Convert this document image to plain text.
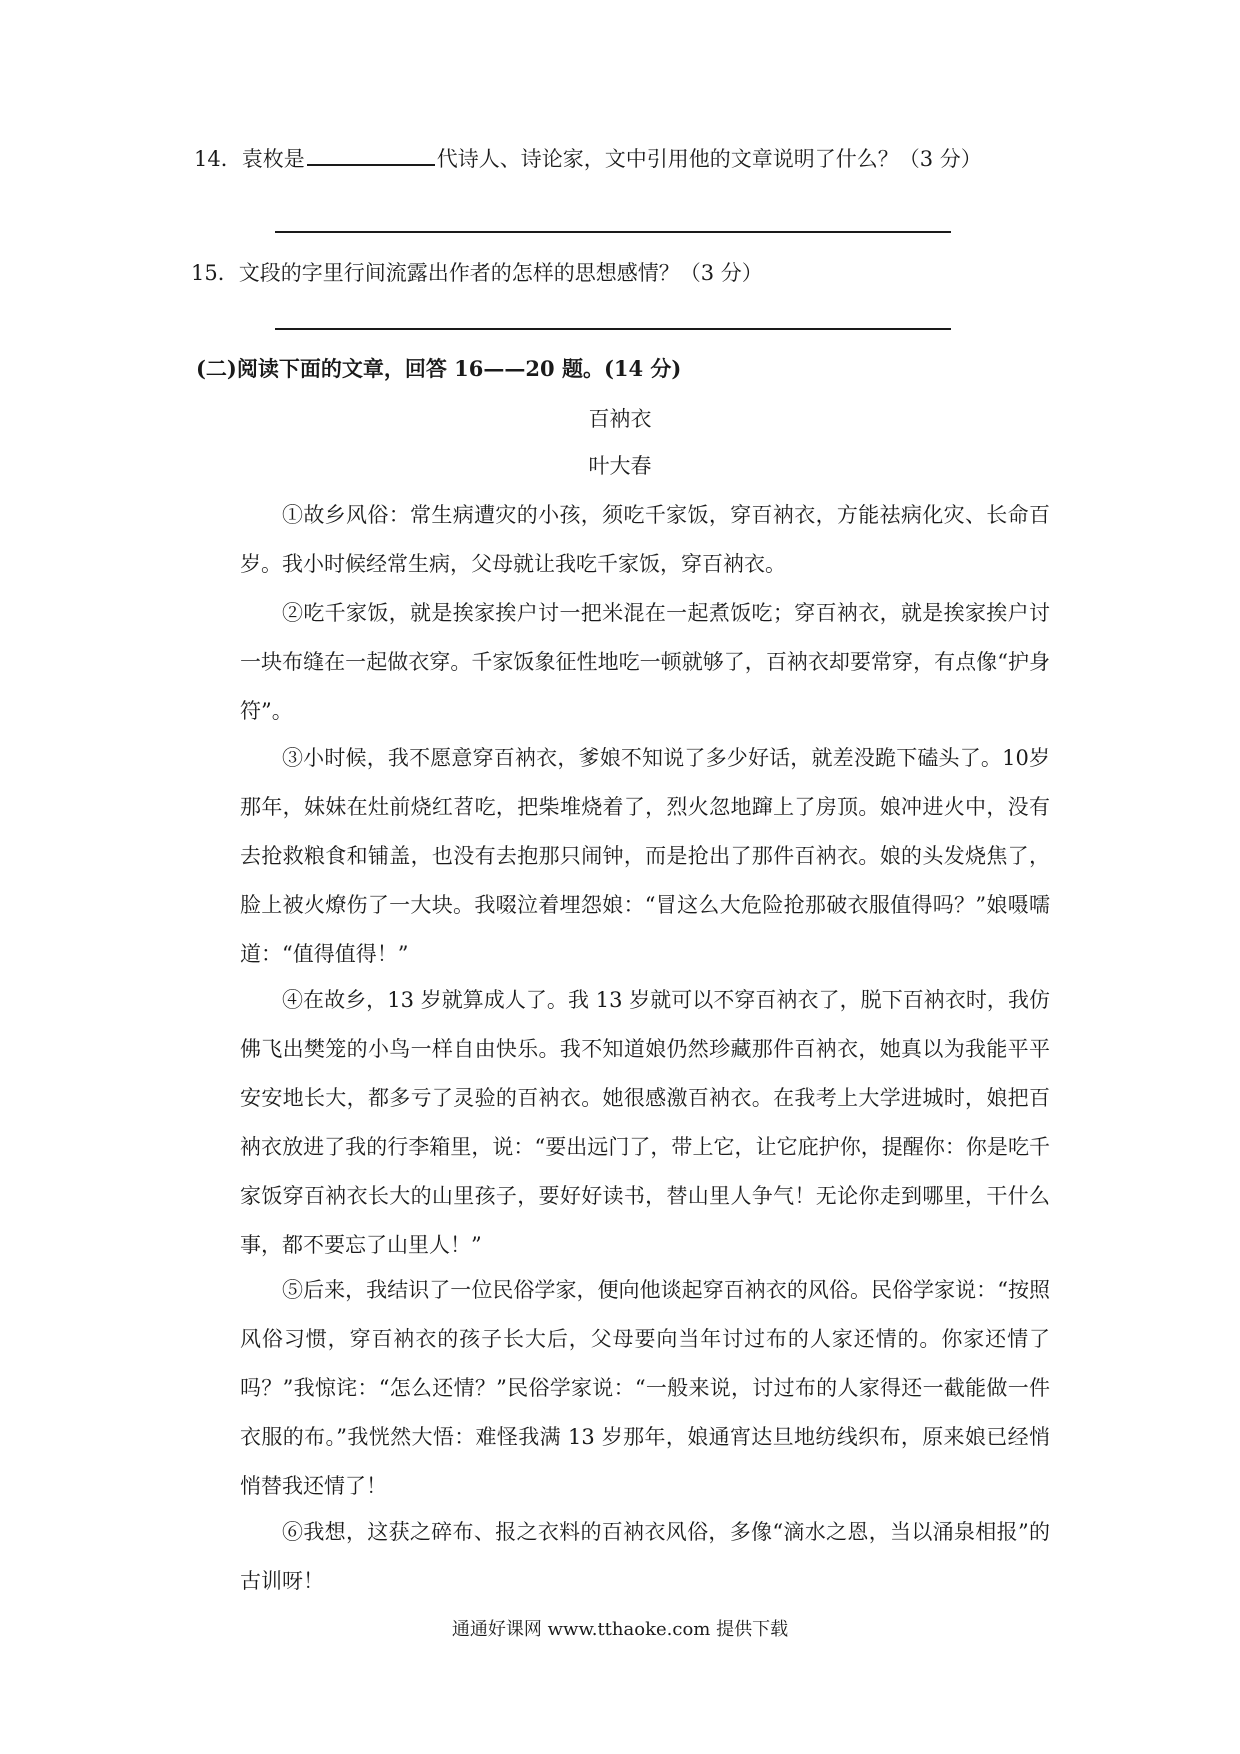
14．袁枚是	代诗人、诗论家，文中引用他的文章说明了什么？（3 分）
15．文段的字里行间流露出作者的怎样的思想感情？（3 分）
(二)阅读下面的文章，回答 16——20 题。(14 分)
百衲衣
叶大春

①故乡风俗：常生病遭灾的小孩，须吃千家饭，穿百衲衣，方能祛病化灾、长命百岁。我小时候经常生病，父母就让我吃千家饭，穿百衲衣。

②吃千家饭，就是挨家挨户讨一把米混在一起煮饭吃；穿百衲衣，就是挨家挨户讨一块布缝在一起做衣穿。千家饭象征性地吃一顿就够了，百衲衣却要常穿，有点像“护身符”。

③小时候，我不愿意穿百衲衣，爹娘不知说了多少好话，就差没跪下磕头了。10岁那年，妹妹在灶前烧红苕吃，把柴堆烧着了，烈火忽地蹿上了房顶。娘冲进火中，没有去抢救粮食和铺盖，也没有去抱那只闹钟，而是抢出了那件百衲衣。娘的头发烧焦了，脸上被火燎伤了一大块。我啜泣着埋怨娘：“冒这么大危险抢那破衣服值得吗？”娘嗫嚅道：“值得值得！”

④在故乡，13 岁就算成人了。我 13 岁就可以不穿百衲衣了，脱下百衲衣时，我仿佛飞出樊笼的小鸟一样自由快乐。我不知道娘仍然珍藏那件百衲衣，她真以为我能平平安安地长大，都多亏了灵验的百衲衣。她很感激百衲衣。在我考上大学进城时，娘把百衲衣放进了我的行李箱里，说：“要出远门了，带上它，让它庇护你，提醒你：你是吃千家饭穿百衲衣长大的山里孩子，要好好读书，替山里人争气！无论你走到哪里，干什么事，都不要忘了山里人！”

⑤后来，我结识了一位民俗学家，便向他谈起穿百衲衣的风俗。民俗学家说：“按照风俗习惯，穿百衲衣的孩子长大后，父母要向当年讨过布的人家还情的。你家还情了吗？”我惊诧：“怎么还情？”民俗学家说：“一般来说，讨过布的人家得还一截能做一件衣服的布。”我恍然大悟：难怪我满 13 岁那年，娘通宵达旦地纺线织布，原来娘已经悄悄替我还情了！

⑥我想，这获之碎布、报之衣料的百衲衣风俗，多像“滴水之恩，当以涌泉相报”的古训呀！

通通好课网 www.tthaoke.com 提供下载
